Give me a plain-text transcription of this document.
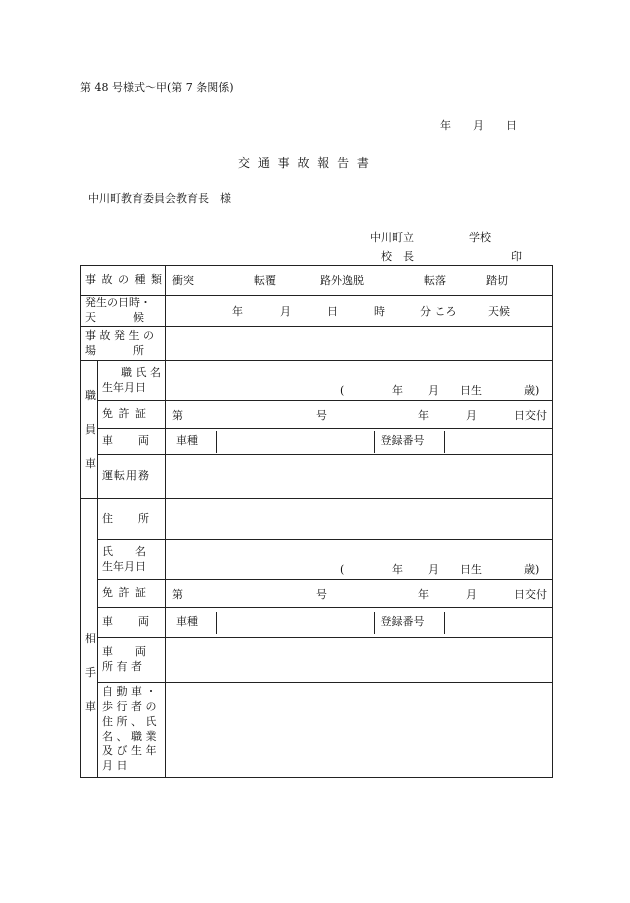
第 48 号様式〜甲(第 7 条関係)
年　　月　　日
交 通 事 故 報 告 書
中川町教育委員会教育長　様
中川町立	学校
校　長	印
事 故 の 種 類	衝突	転覆	路外逸脱	転落	踏切

発生の日時・
天　　　候	年	月	日	時	分 ころ	天候

事 故 発 生 の
場　　　所

職
員
車

職 氏 名
生年月日	(	年 月 日生	歳)

免 許 証	第	号	年	月	日交付

車　　両	車種		登録番号	

運転用務	

相
手
車
	住　　所	

氏　　名
生年月日	(	年 月 日生	歳)

免 許 証	第	号	年	月	日交付

車　　両	車種		登録番号	

車　　両
所 有 者

自 動 車 ・
歩 行 者 の
住 所 、 氏
名 、 職 業
及 び 生 年
月 日
